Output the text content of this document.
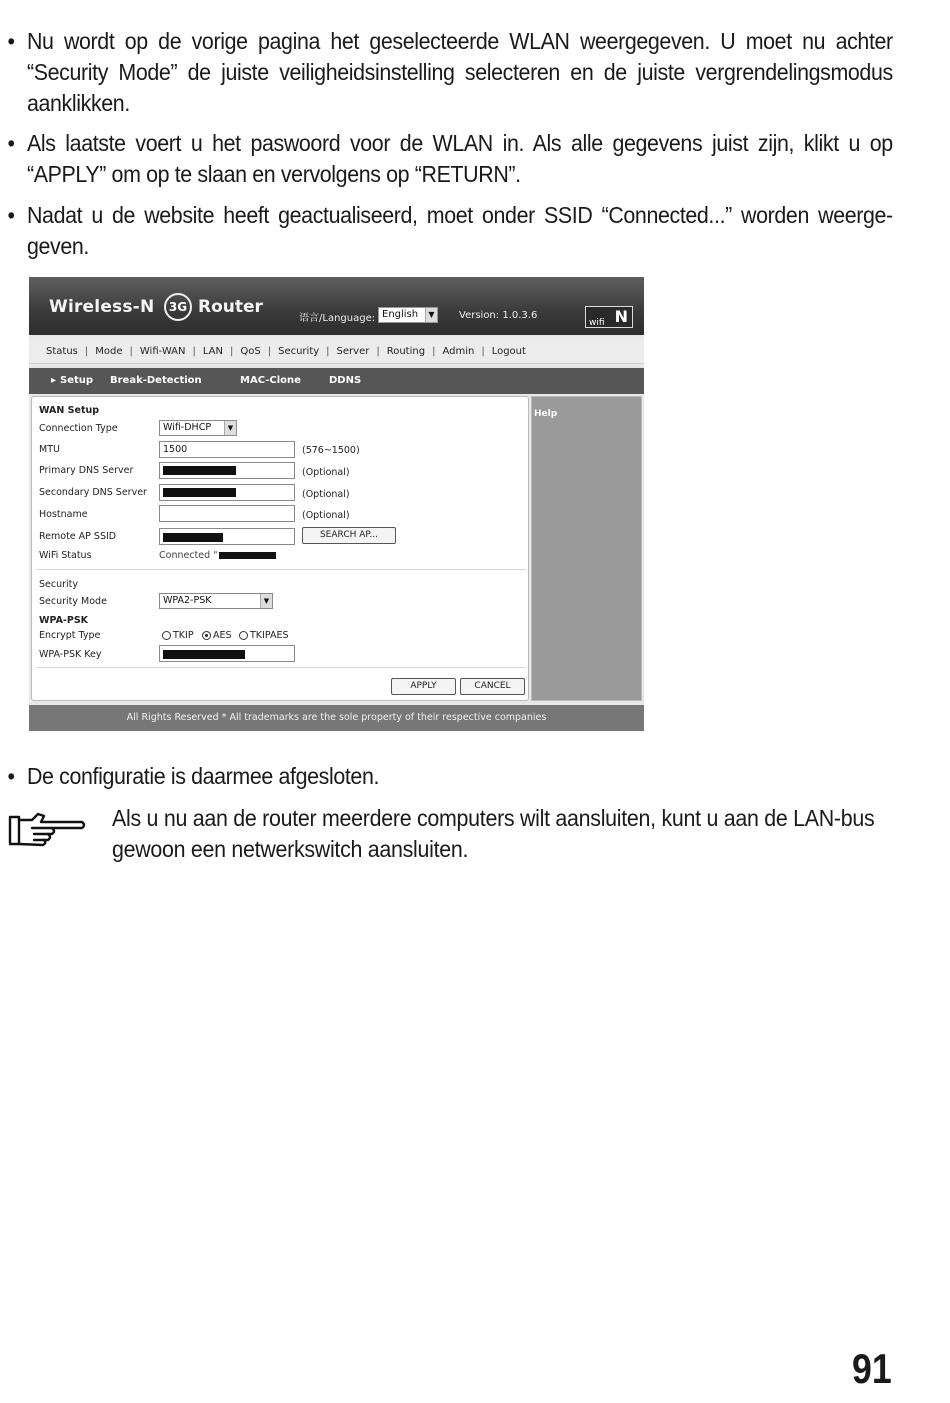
• Nu wordt op de vorige pagina het geselecteerde WLAN weergegeven. U moet nu achter “Security Mode” de juiste veiligheidsinstelling selecteren en de juiste vergrendelingsmodus aanklikken.

• Als laatste voert u het paswoord voor de WLAN in. Als alle gegevens juist zijn, klikt u op “APPLY” om op te slaan en vervolgens op “RETURN”.

• Nadat u de website heeft geactualiseerd, moet onder SSID “Connected...” worden weerge- geven.

Wireless-N	3G Router
语言/Language: English	▼ Version: 1.0.3.6
wifi N
Status | Mode | Wifi-WAN | LAN | QoS | Security | Server | Routing | Admin | Logout
▸ Setup Break-Detection	MAC-Clone	DDNS
WAN Setup
Connection Type	Wifi-DHCP	▼
MTU	1500	(576~1500)
Primary DNS Server	(Optional)
Secondary DNS Server	(Optional)
Hostname	(Optional)
Remote AP SSID	SEARCH AP...
WiFi Status	Connected "
Security
Security Mode	WPA2-PSK	▼
WPA-PSK
Encrypt Type	TKIP AES TKIPAES
WPA-PSK Key
APPLY	CANCEL
Help
All Rights Reserved * All trademarks are the sole property of their respective companies
• De configuratie is daarmee afgesloten.

Als u nu aan de router meerdere computers wilt aansluiten, kunt u aan de LAN-bus gewoon een netwerkswitch aansluiten.
91
